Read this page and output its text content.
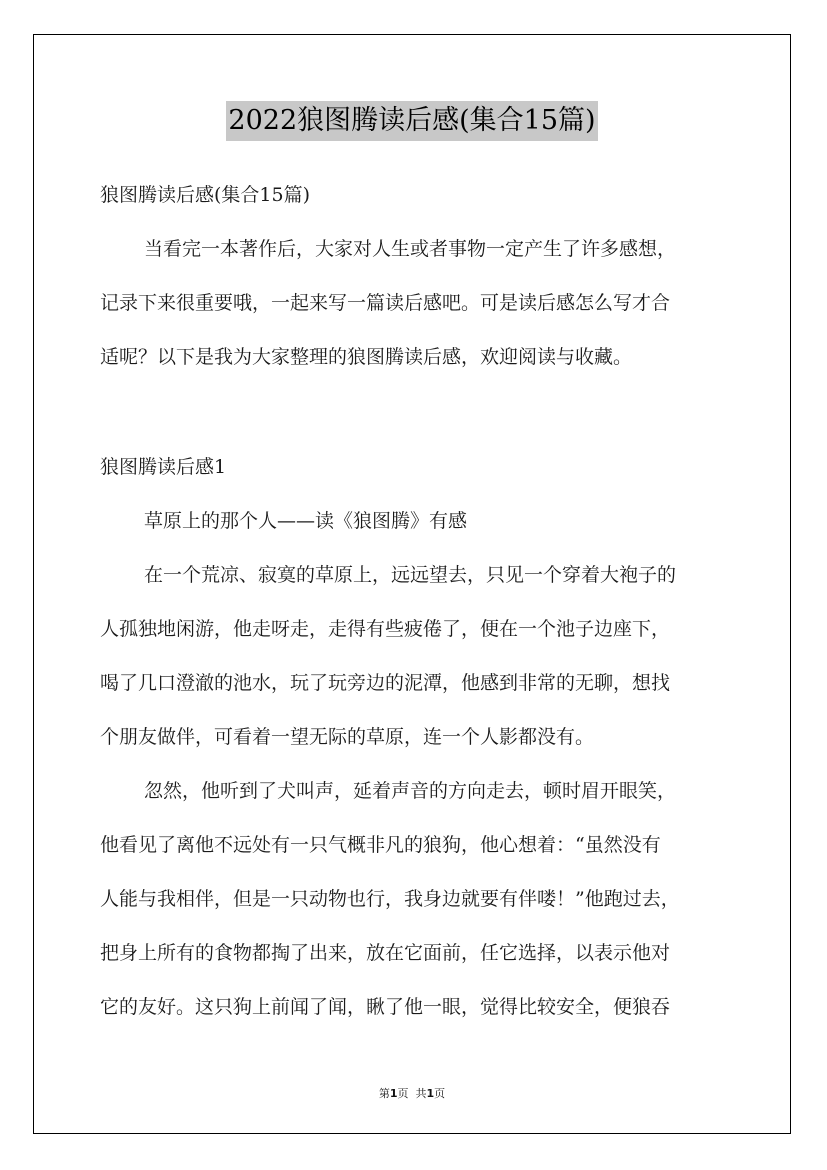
2022狼图腾读后感(集合15篇)
狼图腾读后感(集合15篇)
当看完一本著作后，大家对人生或者事物一定产生了许多感想，
记录下来很重要哦，一起来写一篇读后感吧。可是读后感怎么写才合
适呢？以下是我为大家整理的狼图腾读后感，欢迎阅读与收藏。
狼图腾读后感1
草原上的那个人——读《狼图腾》有感
在一个荒凉、寂寞的草原上，远远望去，只见一个穿着大袍子的
人孤独地闲游，他走呀走，走得有些疲倦了，便在一个池子边座下，
喝了几口澄澈的池水，玩了玩旁边的泥潭，他感到非常的无聊，想找
个朋友做伴，可看着一望无际的草原，连一个人影都没有。
忽然，他听到了犬叫声，延着声音的方向走去，顿时眉开眼笑，
他看见了离他不远处有一只气概非凡的狼狗，他心想着：“虽然没有
人能与我相伴，但是一只动物也行，我身边就要有伴喽！”他跑过去，
把身上所有的食物都掏了出来，放在它面前，任它选择，以表示他对
它的友好。这只狗上前闻了闻，瞅了他一眼，觉得比较安全，便狼吞
第1页 共1页
